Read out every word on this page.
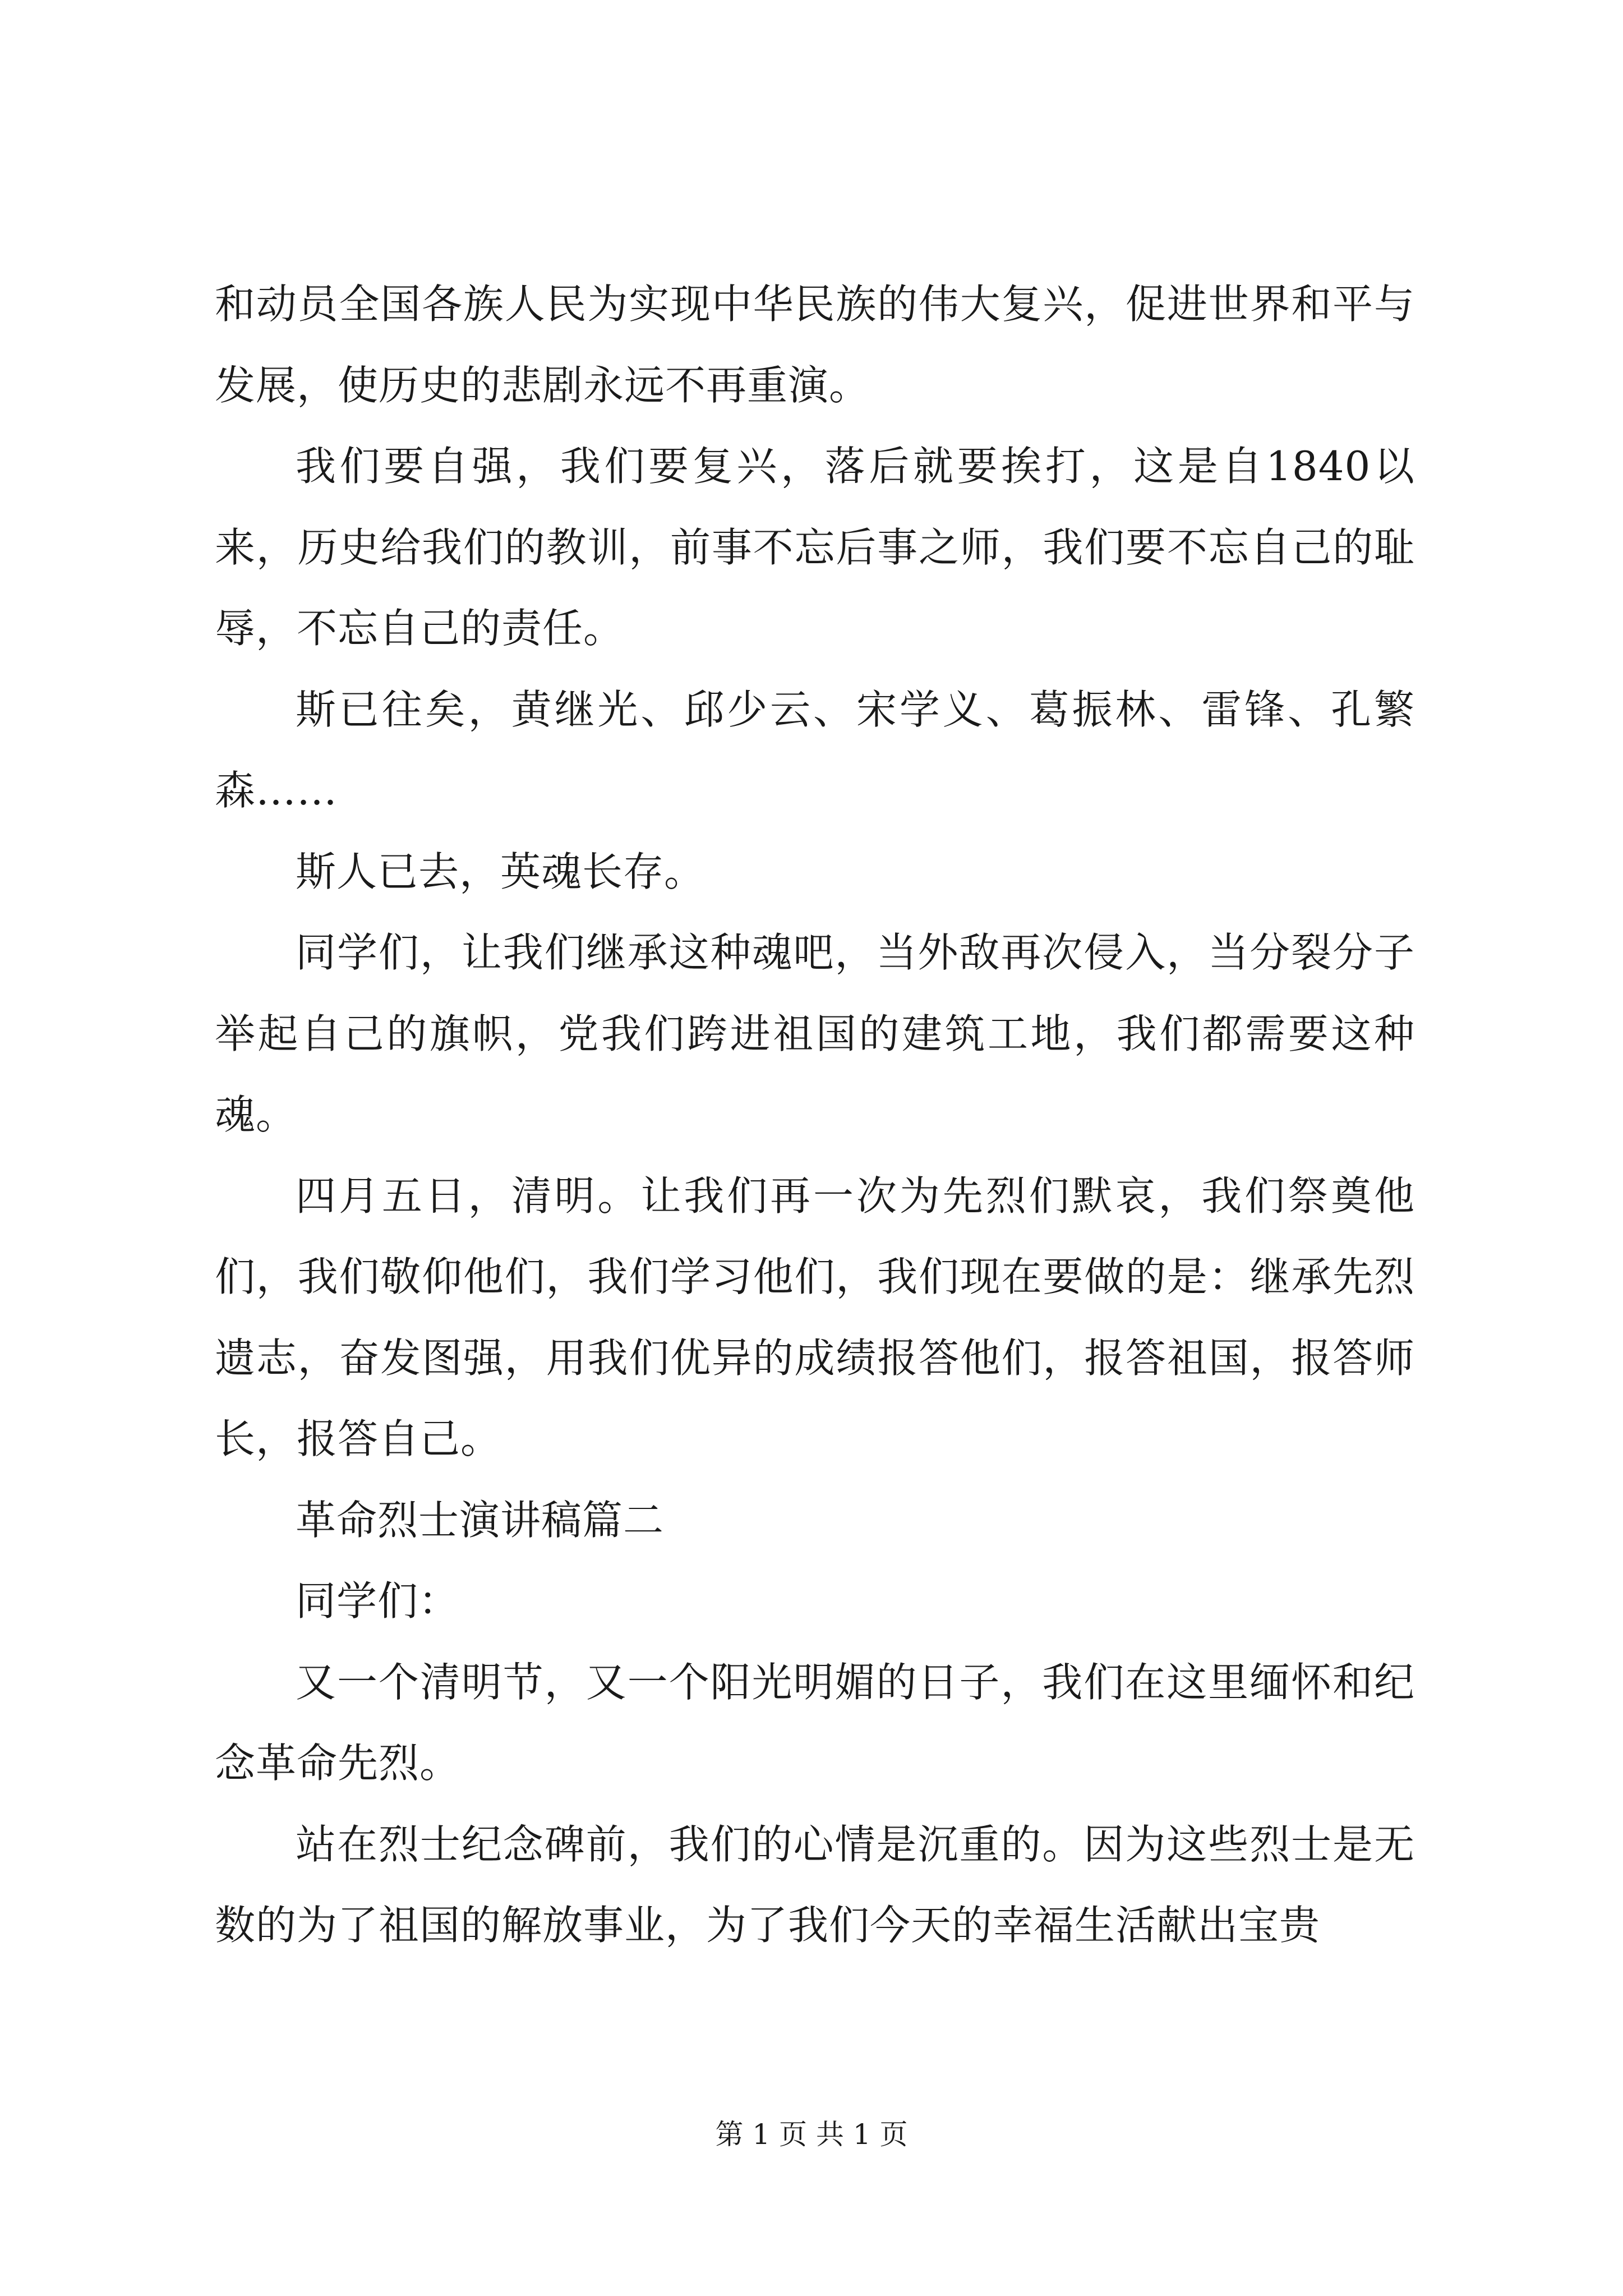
和动员全国各族人民为实现中华民族的伟大复兴，促进世界和平与发展，使历史的悲剧永远不再重演。

我们要自强，我们要复兴，落后就要挨打，这是自1840以来，历史给我们的教训，前事不忘后事之师，我们要不忘自己的耻辱，不忘自己的责任。

斯已往矣，黄继光、邱少云、宋学义、葛振林、雷锋、孔繁森……

斯人已去，英魂长存。

同学们，让我们继承这种魂吧，当外敌再次侵入，当分裂分子举起自己的旗帜，党我们跨进祖国的建筑工地，我们都需要这种魂。

四月五日，清明。让我们再一次为先烈们默哀，我们祭奠他们，我们敬仰他们，我们学习他们，我们现在要做的是：继承先烈遗志，奋发图强，用我们优异的成绩报答他们，报答祖国，报答师长，报答自己。

革命烈士演讲稿篇二

同学们：

又一个清明节，又一个阳光明媚的日子，我们在这里缅怀和纪念革命先烈。

站在烈士纪念碑前，我们的心情是沉重的。因为这些烈士是无数的为了祖国的解放事业，为了我们今天的幸福生活献出宝贵

第 1 页 共 1 页
